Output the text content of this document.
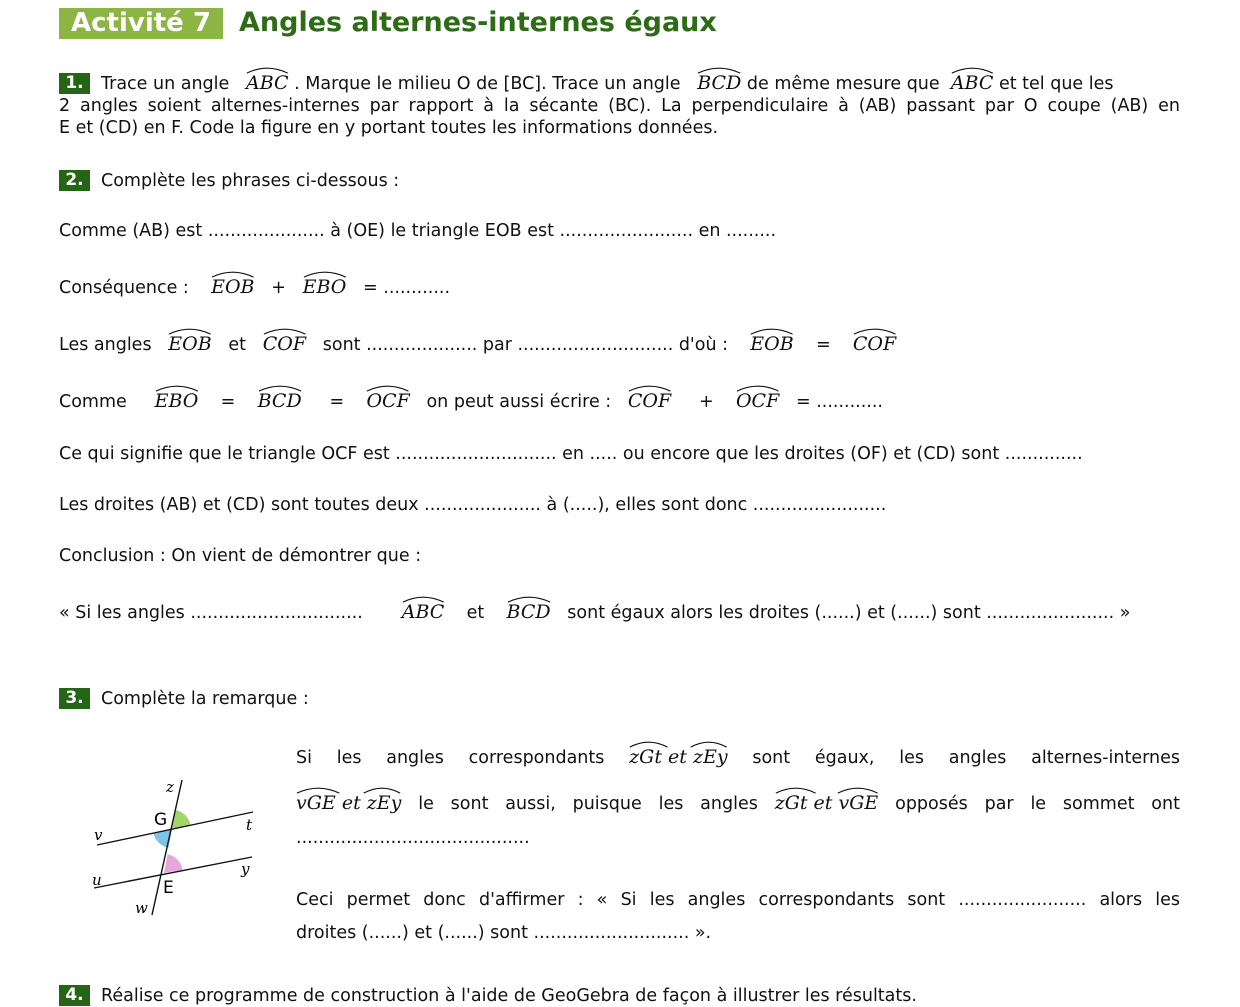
Activité 7	Angles alternes-internes égaux
1. Trace un angle ABC . Marque le milieu O de [BC]. Trace un angle BCD de même mesure que ABC et tel que les
2 angles soient alternes-internes par rapport à la sécante (BC). La perpendiculaire à (AB) passant par O coupe (AB) en
E et (CD) en F. Code la figure en y portant toutes les informations données.
2. Complète les phrases ci-dessous :
Comme (AB) est ..................... à (OE) le triangle EOB est ........................ en .........
Conséquence : EOB + EBO = ............
Les angles EOB et COF sont .................... par ............................ d'où : EOB = COF
Comme EBO = BCD = OCF on peut aussi écrire : COF + OCF = ............
Ce qui signifie que le triangle OCF est ............................. en ..... ou encore que les droites (OF) et (CD) sont ..............
Les droites (AB) et (CD) sont toutes deux ..................... à (.....), elles sont donc ........................
Conclusion : On vient de démontrer que :
« Si les angles ............................... ABC et BCD sont égaux alors les droites (......) et (......) sont ....................... »
3. Complète la remarque :
z
t
v
y
u
w
G
E
Si les angles correspondants zGt et zEy sont égaux, les angles alternes-internes
vGE et zEy le sont aussi, puisque les angles zGt et vGE opposés par le sommet ont
..........................................
Ceci permet donc d'affirmer : « Si les angles correspondants sont ....................... alors les
droites (......) et (......) sont ............................ ».
4. Réalise ce programme de construction à l'aide de GeoGebra de façon à illustrer les résultats.
